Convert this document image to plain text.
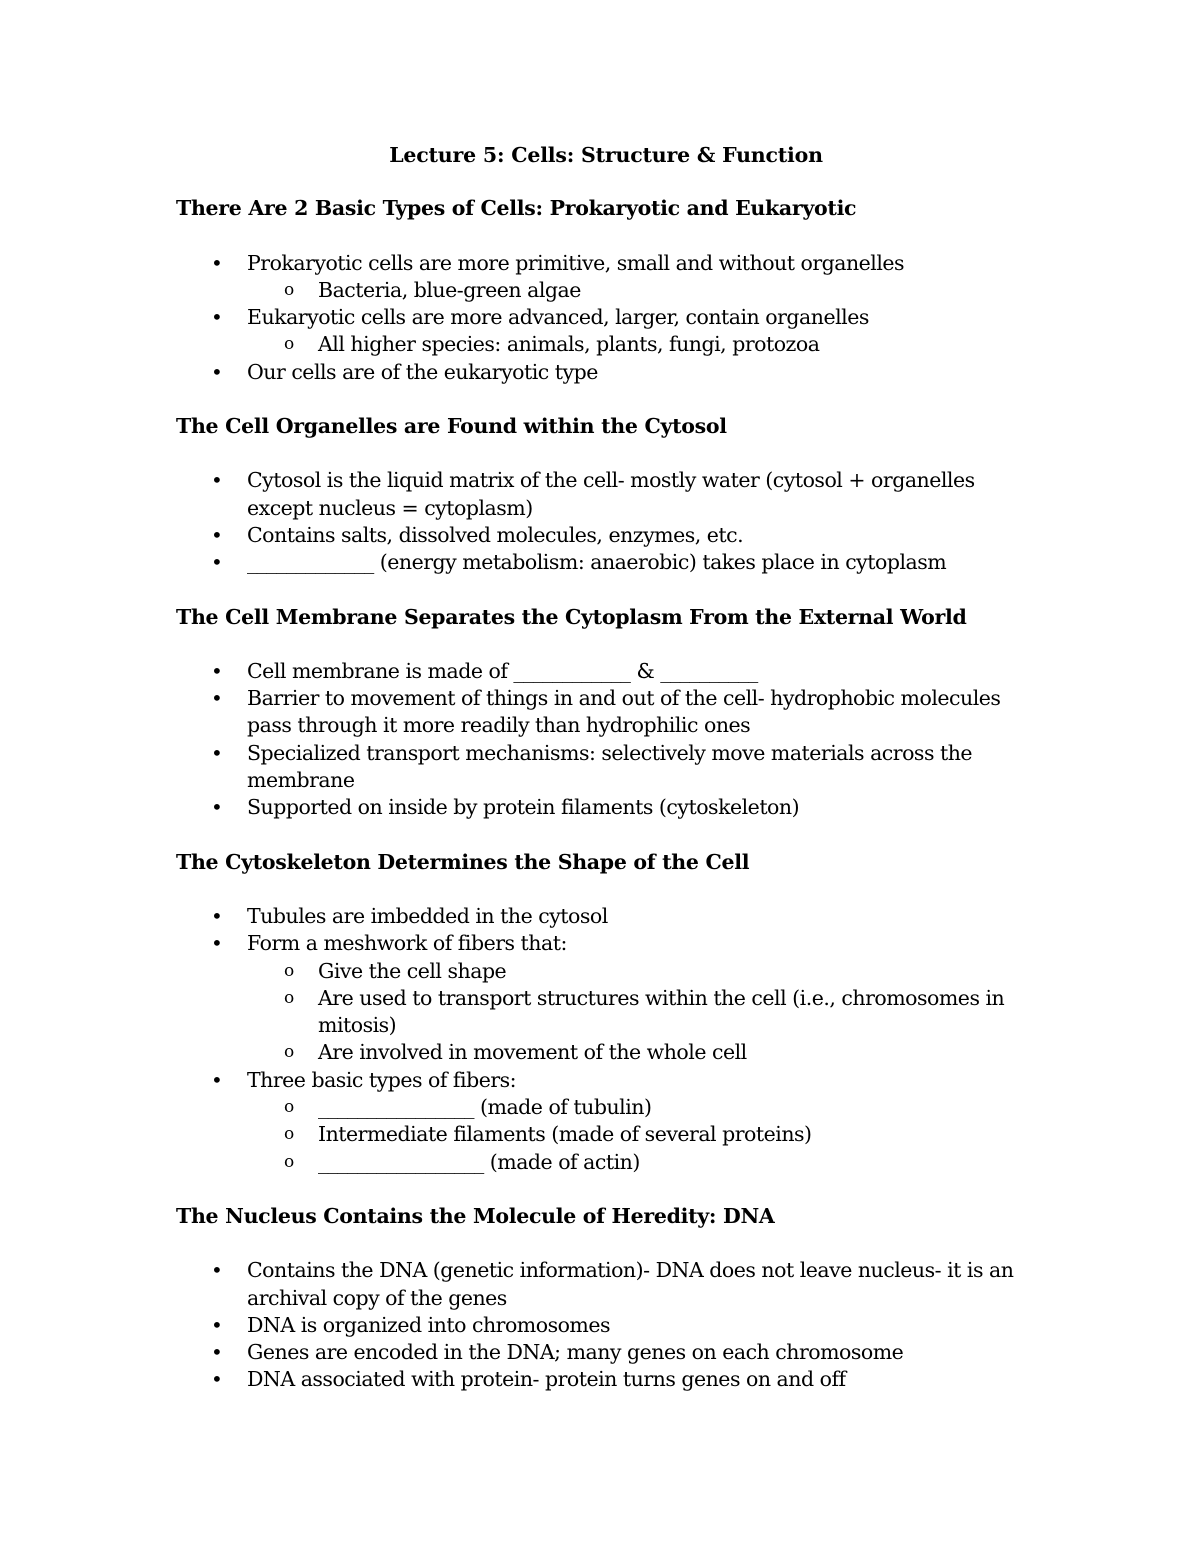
Lecture 5: Cells: Structure & Function
There Are 2 Basic Types of Cells: Prokaryotic and Eukaryotic
• Prokaryotic cells are more primitive, small and without organelles
o Bacteria, blue-green algae
• Eukaryotic cells are more advanced, larger, contain organelles
o All higher species: animals, plants, fungi, protozoa
• Our cells are of the eukaryotic type
The Cell Organelles are Found within the Cytosol
• Cytosol is the liquid matrix of the cell- mostly water (cytosol + organelles except nucleus = cytoplasm)
• Contains salts, dissolved molecules, enzymes, etc.
• _____________ (energy metabolism: anaerobic) takes place in cytoplasm
The Cell Membrane Separates the Cytoplasm From the External World
• Cell membrane is made of ____________ & __________
• Barrier to movement of things in and out of the cell- hydrophobic molecules pass through it more readily than hydrophilic ones
• Specialized transport mechanisms: selectively move materials across the membrane
• Supported on inside by protein filaments (cytoskeleton)
The Cytoskeleton Determines the Shape of the Cell
• Tubules are imbedded in the cytosol
• Form a meshwork of fibers that:
o Give the cell shape
o Are used to transport structures within the cell (i.e., chromosomes in mitosis)
o Are involved in movement of the whole cell
• Three basic types of fibers:
o ________________ (made of tubulin)
o Intermediate filaments (made of several proteins)
o _________________ (made of actin)
The Nucleus Contains the Molecule of Heredity: DNA
• Contains the DNA (genetic information)- DNA does not leave nucleus- it is an archival copy of the genes
• DNA is organized into chromosomes
• Genes are encoded in the DNA; many genes on each chromosome
• DNA associated with protein- protein turns genes on and off
